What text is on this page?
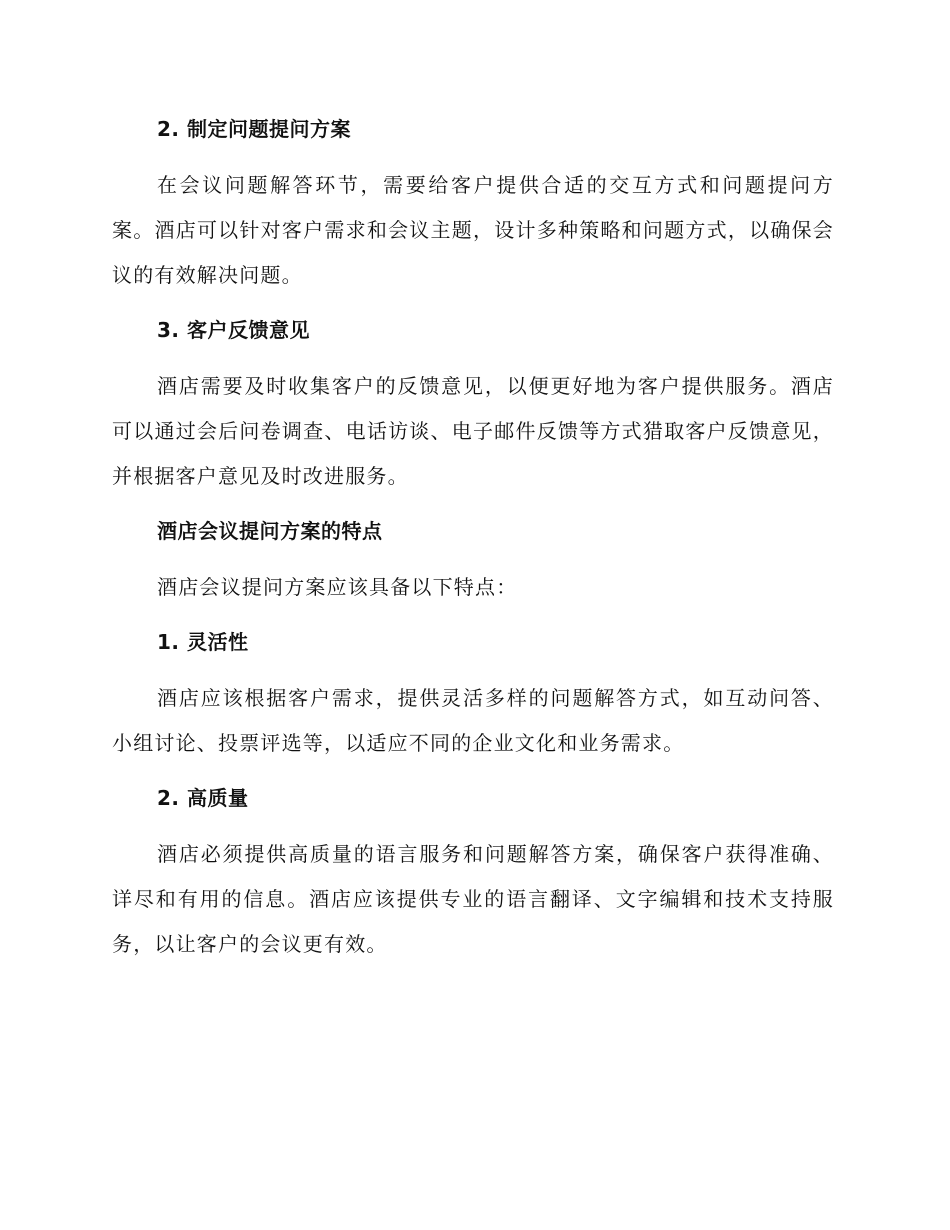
2. 制定问题提问方案

在会议问题解答环节，需要给客户提供合适的交互方式和问题提问方案。酒店可以针对客户需求和会议主题，设计多种策略和问题方式，以确保会议的有效解决问题。

3. 客户反馈意见

酒店需要及时收集客户的反馈意见，以便更好地为客户提供服务。酒店可以通过会后问卷调查、电话访谈、电子邮件反馈等方式猎取客户反馈意见，并根据客户意见及时改进服务。

酒店会议提问方案的特点

酒店会议提问方案应该具备以下特点：

1. 灵活性

酒店应该根据客户需求，提供灵活多样的问题解答方式，如互动问答、小组讨论、投票评选等，以适应不同的企业文化和业务需求。

2. 高质量

酒店必须提供高质量的语言服务和问题解答方案，确保客户获得准确、详尽和有用的信息。酒店应该提供专业的语言翻译、文字编辑和技术支持服务，以让客户的会议更有效。
